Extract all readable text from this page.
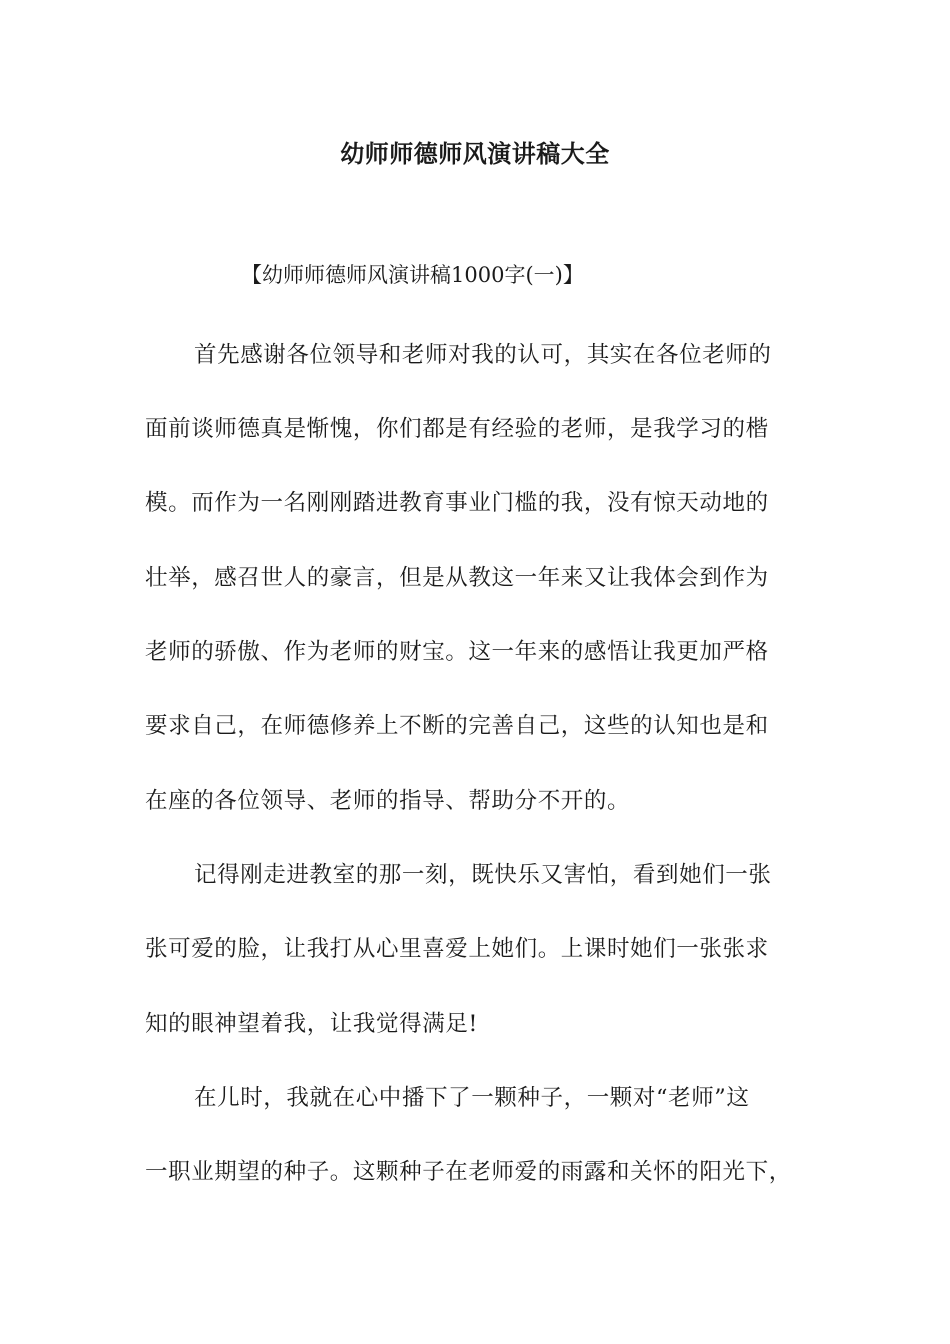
幼师师德师风演讲稿大全
【幼师师德师风演讲稿1000字(一)】
首先感谢各位领导和老师对我的认可，其实在各位老师的
面前谈师德真是惭愧，你们都是有经验的老师，是我学习的楷
模。而作为一名刚刚踏进教育事业门槛的我，没有惊天动地的
壮举，感召世人的豪言，但是从教这一年来又让我体会到作为
老师的骄傲、作为老师的财宝。这一年来的感悟让我更加严格
要求自己，在师德修养上不断的完善自己，这些的认知也是和
在座的各位领导、老师的指导、帮助分不开的。
记得刚走进教室的那一刻，既快乐又害怕，看到她们一张
张可爱的脸，让我打从心里喜爱上她们。上课时她们一张张求
知的眼神望着我，让我觉得满足!
在儿时，我就在心中播下了一颗种子，一颗对“老师”这
一职业期望的种子。这颗种子在老师爱的雨露和关怀的阳光下，
